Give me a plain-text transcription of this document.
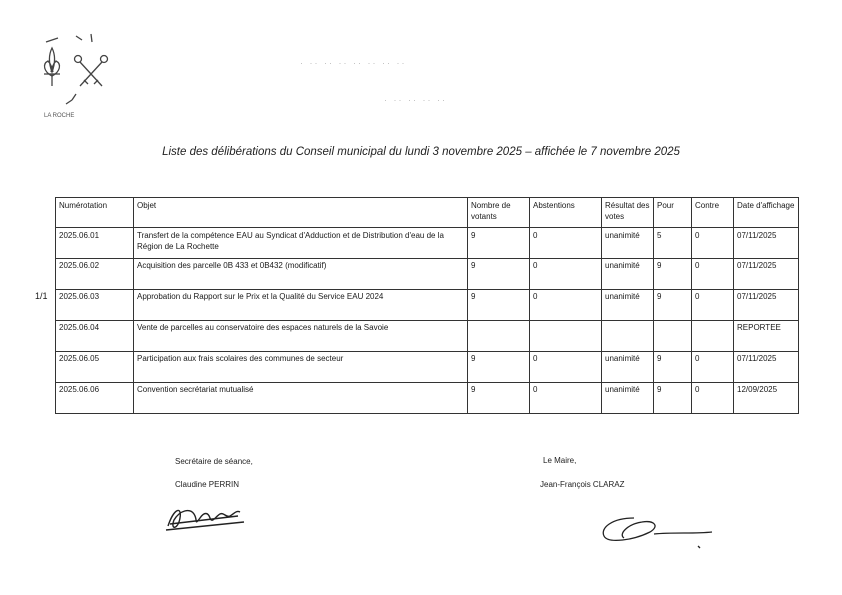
LA ROCHE
· ·· ·· ·· ·· ·· ·· ··
· ·· ·· ·· ··
Liste des délibérations du Conseil municipal du lundi 3 novembre 2025 – affichée le 7 novembre 2025
1/1
Numérotation	Objet	Nombre de votants	Abstentions	Résultat des votes	Pour	Contre	Date d'affichage
2025.06.01	Transfert de la compétence EAU au Syndicat d'Adduction et de Distribution d'eau de la Région de La Rochette	9	0	unanimité	5	0	07/11/2025
2025.06.02	Acquisition des parcelle 0B 433 et 0B432 (modificatif)	9	0	unanimité	9	0	07/11/2025
2025.06.03	Approbation du Rapport sur le Prix et la Qualité du Service EAU 2024	9	0	unanimité	9	0	07/11/2025
2025.06.04	Vente de parcelles au conservatoire des espaces naturels de la Savoie						REPORTEE
2025.06.05	Participation aux frais scolaires des communes de secteur	9	0	unanimité	9	0	07/11/2025
2025.06.06	Convention secrétariat mutualisé	9	0	unanimité	9	0	12/09/2025
Secrétaire de séance,
Claudine PERRIN
Le Maire,
Jean-François CLARAZ
